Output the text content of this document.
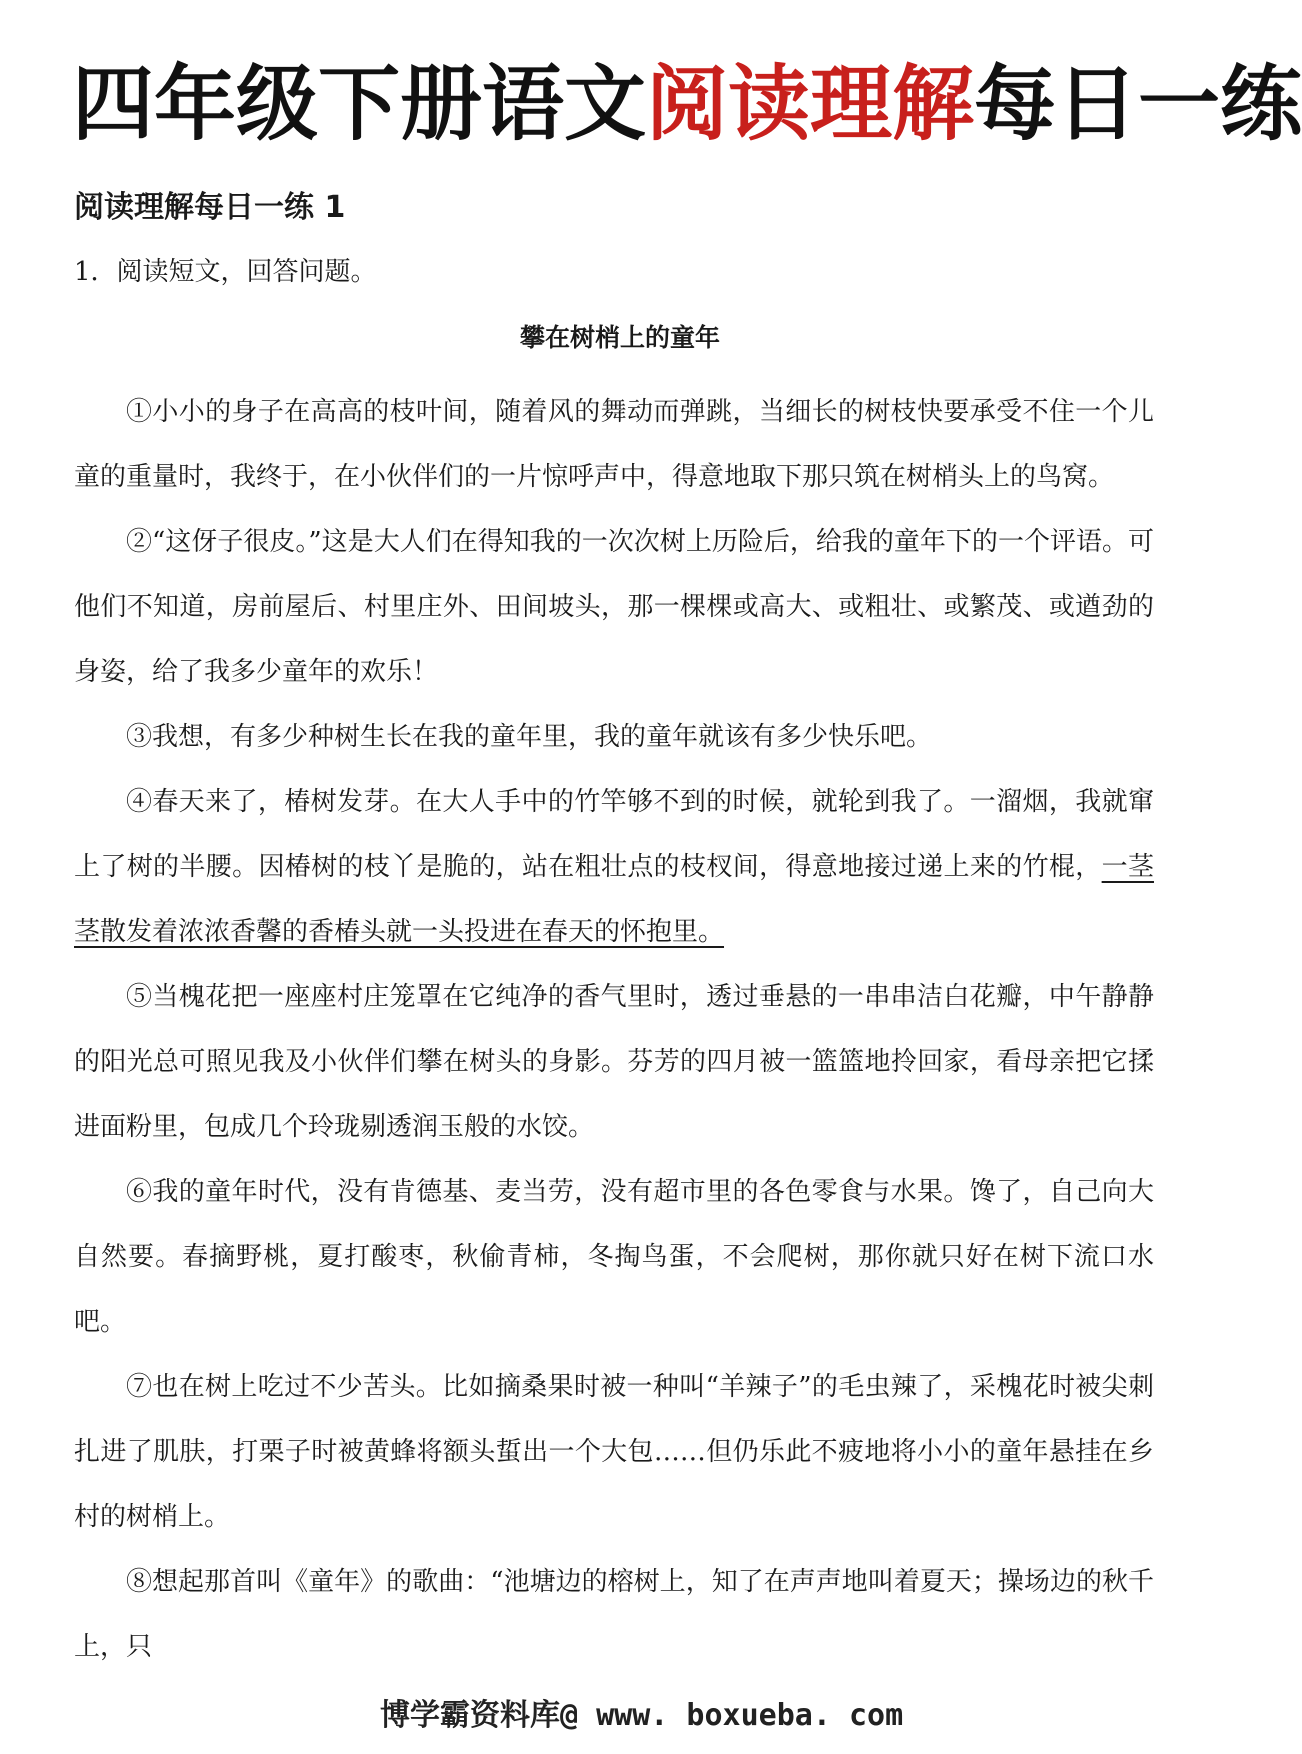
四年级下册语文阅读理解每日一练
阅读理解每日一练 1

1．阅读短文，回答问题。

攀在树梢上的童年

①小小的身子在高高的枝叶间，随着风的舞动而弹跳，当细长的树枝快要承受不住一个儿童的重量时，我终于，在小伙伴们的一片惊呼声中，得意地取下那只筑在树梢头上的鸟窝。

②“这伢子很皮。”这是大人们在得知我的一次次树上历险后，给我的童年下的一个评语。可他们不知道，房前屋后、村里庄外、田间坡头，那一棵棵或高大、或粗壮、或繁茂、或遒劲的身姿，给了我多少童年的欢乐！

③我想，有多少种树生长在我的童年里，我的童年就该有多少快乐吧。

④春天来了，椿树发芽。在大人手中的竹竿够不到的时候，就轮到我了。一溜烟，我就窜上了树的半腰。因椿树的枝丫是脆的，站在粗壮点的枝杈间，得意地接过递上来的竹棍，一茎茎散发着浓浓香馨的香椿头就一头投进在春天的怀抱里。

⑤当槐花把一座座村庄笼罩在它纯净的香气里时，透过垂悬的一串串洁白花瓣，中午静静的阳光总可照见我及小伙伴们攀在树头的身影。芬芳的四月被一篮篮地拎回家，看母亲把它揉进面粉里，包成几个玲珑剔透润玉般的水饺。

⑥我的童年时代，没有肯德基、麦当劳，没有超市里的各色零食与水果。馋了，自己向大自然要。春摘野桃，夏打酸枣，秋偷青柿，冬掏鸟蛋，不会爬树，那你就只好在树下流口水吧。

⑦也在树上吃过不少苦头。比如摘桑果时被一种叫“羊辣子”的毛虫辣了，采槐花时被尖刺扎进了肌肤，打栗子时被黄蜂将额头蜇出一个大包……但仍乐此不疲地将小小的童年悬挂在乡村的树梢上。

⑧想起那首叫《童年》的歌曲：“池塘边的榕树上，知了在声声地叫着夏天；操场边的秋千上，只

博学霸资料库@ www. boxueba. com
